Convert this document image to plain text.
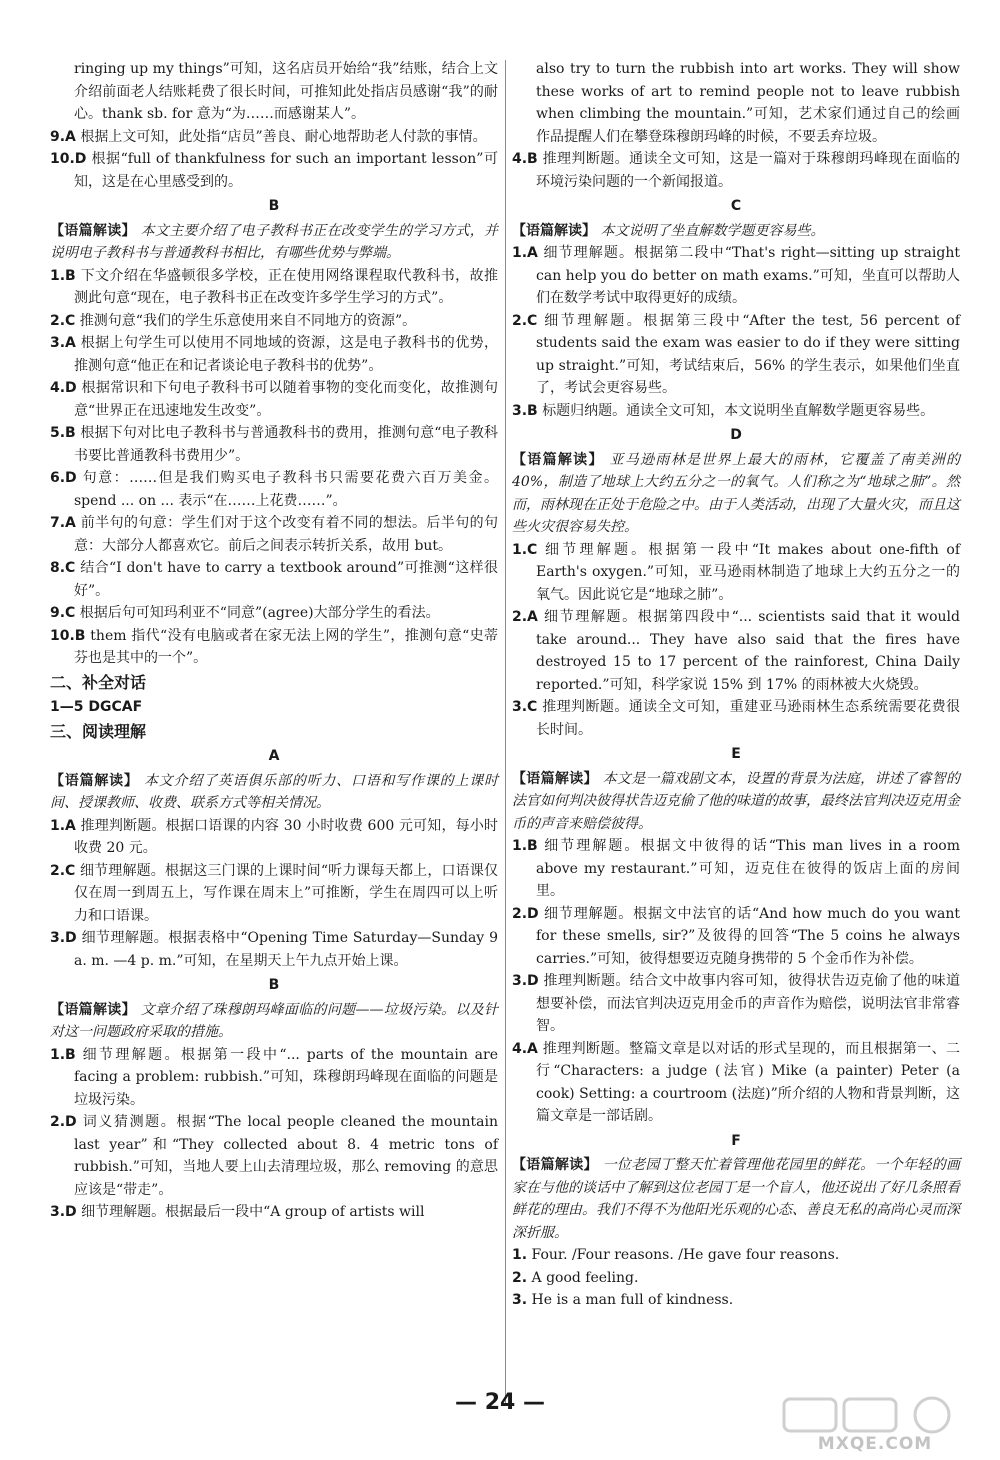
ringing up my things”可知，这名店员开始给“我”结账，结合上文介绍前面老人结账耗费了很长时间，可推知此处指店员感谢“我”的耐心。thank sb. for 意为“为……而感谢某人”。

9.A 根据上文可知，此处指“店员”善良、耐心地帮助老人付款的事情。

10.D 根据“full of thankfulness for such an important lesson”可知，这是在心里感受到的。

B

【语篇解读】 本文主要介绍了电子教科书正在改变学生的学习方式，并说明电子教科书与普通教科书相比，有哪些优势与弊端。

1.B 下文介绍在华盛顿很多学校，正在使用网络课程取代教科书，故推测此句意“现在，电子教科书正在改变许多学生学习的方式”。

2.C 推测句意“我们的学生乐意使用来自不同地方的资源”。

3.A 根据上句学生可以使用不同地域的资源，这是电子教科书的优势，推测句意“他正在和记者谈论电子教科书的优势”。

4.D 根据常识和下句电子教科书可以随着事物的变化而变化，故推测句意“世界正在迅速地发生改变”。

5.B 根据下句对比电子教科书与普通教科书的费用，推测句意“电子教科书要比普通教科书费用少”。

6.D 句意：……但是我们购买电子教科书只需要花费六百万美金。spend ... on ... 表示“在……上花费……”。

7.A 前半句的句意：学生们对于这个改变有着不同的想法。后半句的句意：大部分人都喜欢它。前后之间表示转折关系，故用 but。

8.C 结合“I don't have to carry a textbook around”可推测“这样很好”。

9.C 根据后句可知玛利亚不“同意”(agree)大部分学生的看法。

10.B them 指代“没有电脑或者在家无法上网的学生”，推测句意“史蒂芬也是其中的一个”。

二、补全对话

1—5 DGCAF

三、阅读理解
A

【语篇解读】 本文介绍了英语俱乐部的听力、口语和写作课的上课时间、授课教师、收费、联系方式等相关情况。

1.A 推理判断题。根据口语课的内容 30 小时收费 600 元可知，每小时收费 20 元。

2.C 细节理解题。根据这三门课的上课时间“听力课每天都上，口语课仅仅在周一到周五上，写作课在周末上”可推断，学生在周四可以上听力和口语课。

3.D 细节理解题。根据表格中“Opening Time Saturday—Sunday 9 a. m. —4 p. m.”可知，在星期天上午九点开始上课。

B

【语篇解读】 文章介绍了珠穆朗玛峰面临的问题——垃圾污染。以及针对这一问题政府采取的措施。

1.B 细节理解题。根据第一段中“... parts of the mountain are facing a problem: rubbish.”可知，珠穆朗玛峰现在面临的问题是垃圾污染。

2.D 词义猜测题。根据“The local people cleaned the mountain last year”和“They collected about 8. 4 metric tons of rubbish.”可知，当地人要上山去清理垃圾，那么 removing 的意思应该是“带走”。

3.D 细节理解题。根据最后一段中“A group of artists will

also try to turn the rubbish into art works. They will show these works of art to remind people not to leave rubbish when climbing the mountain.”可知，艺术家们通过自己的绘画作品提醒人们在攀登珠穆朗玛峰的时候，不要丢弃垃圾。

4.B 推理判断题。通读全文可知，这是一篇对于珠穆朗玛峰现在面临的环境污染问题的一个新闻报道。

C

【语篇解读】 本文说明了坐直解数学题更容易些。

1.A 细节理解题。根据第二段中“That's right—sitting up straight can help you do better on math exams.”可知，坐直可以帮助人们在数学考试中取得更好的成绩。

2.C 细节理解题。根据第三段中“After the test, 56 percent of students said the exam was easier to do if they were sitting up straight.”可知，考试结束后，56% 的学生表示，如果他们坐直了，考试会更容易些。

3.B 标题归纳题。通读全文可知，本文说明坐直解数学题更容易些。

D

【语篇解读】 亚马逊雨林是世界上最大的雨林，它覆盖了南美洲的 40%，制造了地球上大约五分之一的氧气。人们称之为“地球之肺”。然而，雨林现在正处于危险之中。由于人类活动，出现了大量火灾，而且这些火灾很容易失控。

1.C 细节理解题。根据第一段中“It makes about one-fifth of Earth's oxygen.”可知，亚马逊雨林制造了地球上大约五分之一的氧气。因此说它是“地球之肺”。

2.A 细节理解题。根据第四段中“... scientists said that it would take around... They have also said that the fires have destroyed 15 to 17 percent of the rainforest, China Daily reported.”可知，科学家说 15% 到 17% 的雨林被大火烧毁。

3.C 推理判断题。通读全文可知，重建亚马逊雨林生态系统需要花费很长时间。

E

【语篇解读】 本文是一篇戏剧文本，设置的背景为法庭，讲述了睿智的法官如何判决彼得状告迈克偷了他的味道的故事，最终法官判决迈克用金币的声音来赔偿彼得。

1.B 细节理解题。根据文中彼得的话“This man lives in a room above my restaurant.”可知，迈克住在彼得的饭店上面的房间里。

2.D 细节理解题。根据文中法官的话“And how much do you want for these smells, sir?”及彼得的回答“The 5 coins he always carries.”可知，彼得想要迈克随身携带的 5 个金币作为补偿。

3.D 推理判断题。结合文中故事内容可知，彼得状告迈克偷了他的味道想要补偿，而法官判决迈克用金币的声音作为赔偿，说明法官非常睿智。

4.A 推理判断题。整篇文章是以对话的形式呈现的，而且根据第一、二行“Characters: a judge (法官) Mike (a painter) Peter (a cook) Setting: a courtroom (法庭)”所介绍的人物和背景判断，这篇文章是一部话剧。

F

【语篇解读】 一位老园丁整天忙着管理他花园里的鲜花。一个年轻的画家在与他的谈话中了解到这位老园丁是一个盲人，他还说出了好几条照看鲜花的理由。我们不得不为他阳光乐观的心态、善良无私的高尚心灵而深深折服。

1. Four. /Four reasons. /He gave four reasons.

2. A good feeling.

3. He is a man full of kindness.

— 24 —
MXQE.COM
